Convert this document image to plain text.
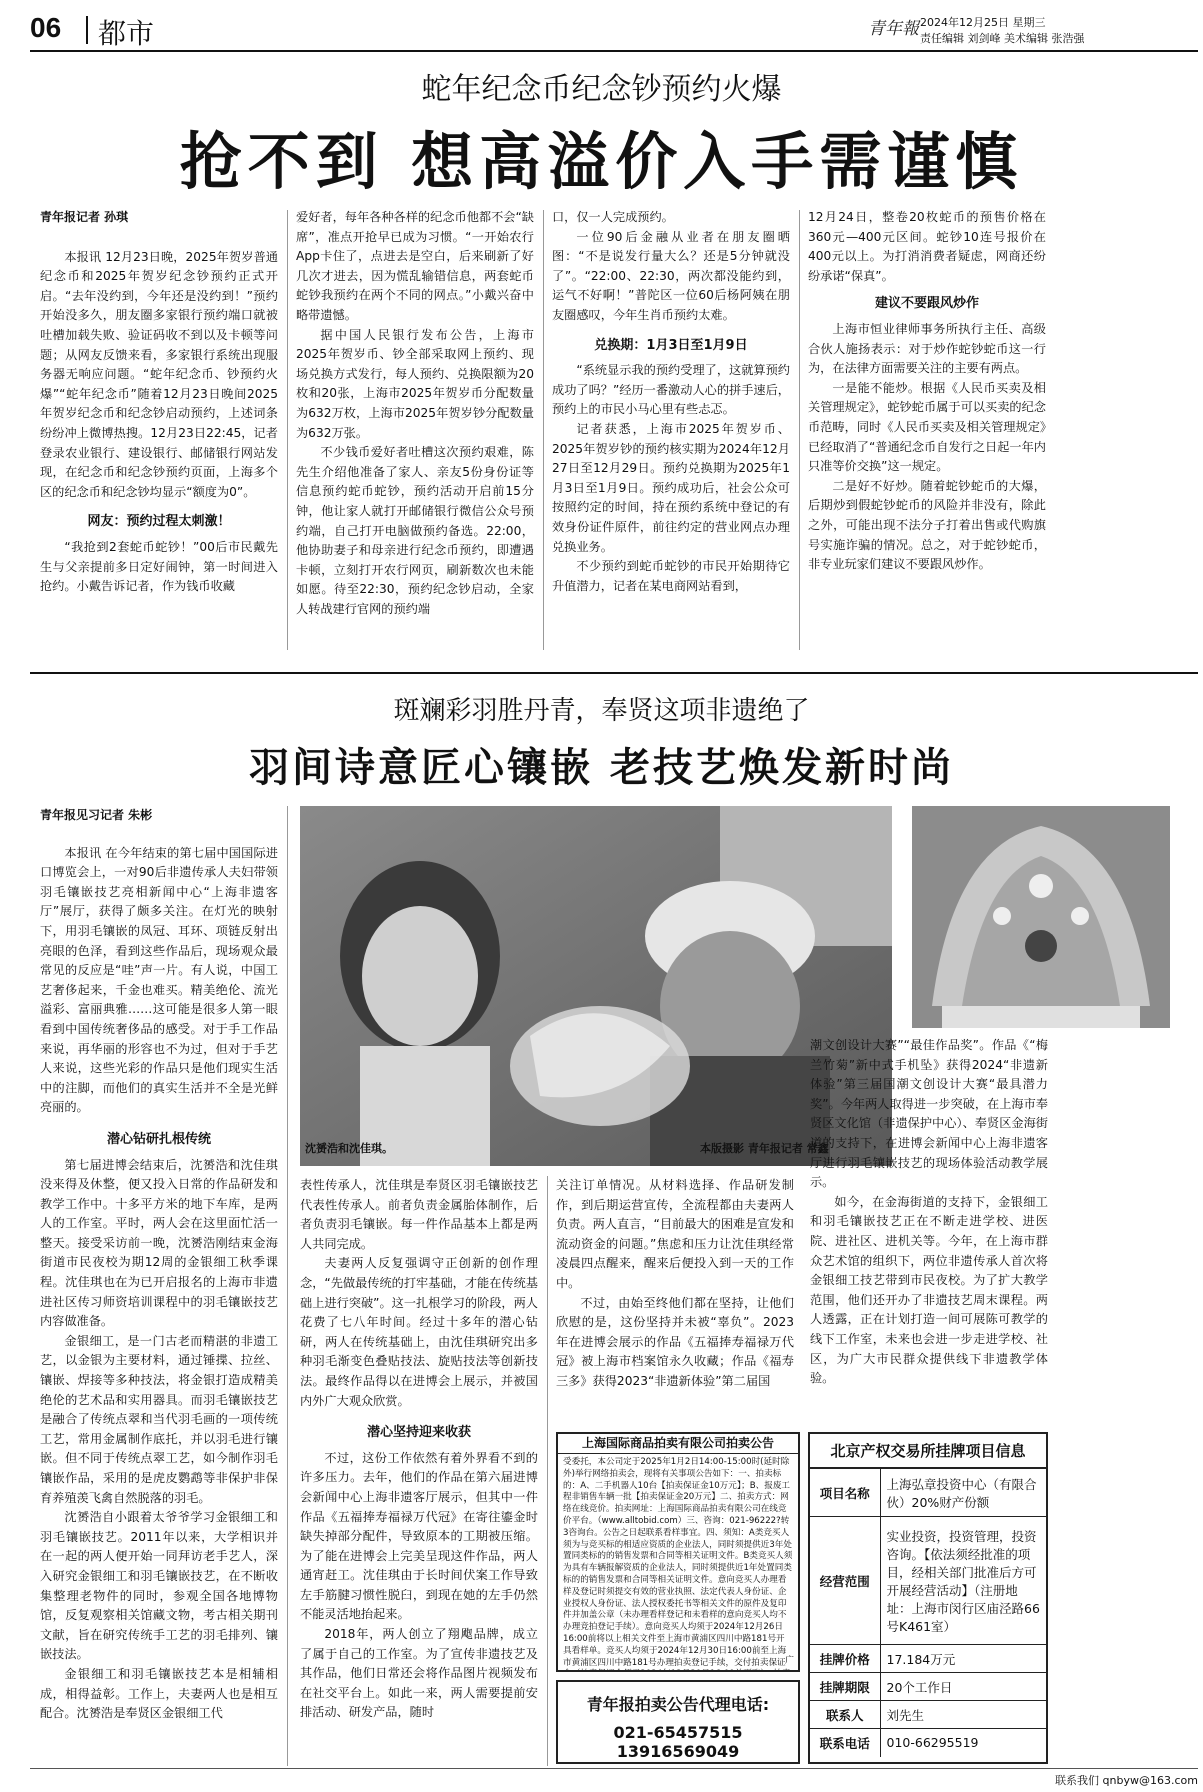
06 都市	青年報 2024年12月25日 星期三
责任编辑 刘剑峰 美术编辑 张浩强
蛇年纪念币纪念钞预约火爆
抢不到 想高溢价入手需谨慎
青年报记者 孙琪

本报讯 12月23日晚，2025年贺岁普通纪念币和2025年贺岁纪念钞预约正式开启。“去年没约到，今年还是没约到！”预约开始没多久，朋友圈多家银行预约端口就被吐槽加载失败、验证码收不到以及卡顿等问题；从网友反馈来看，多家银行系统出现服务器无响应问题。“蛇年纪念币、钞预约火爆”“蛇年纪念币”随着12月23日晚间2025年贺岁纪念币和纪念钞启动预约，上述词条纷纷冲上微博热搜。12月23日22:45，记者登录农业银行、建设银行、邮储银行网站发现，在纪念币和纪念钞预约页面，上海多个区的纪念币和纪念钞均显示“额度为0”。

网友：预约过程太刺激！

“我抢到2套蛇币蛇钞！”00后市民戴先生与父亲提前多日定好闹钟，第一时间进入抢约。小戴告诉记者，作为钱币收藏

爱好者，每年各种各样的纪念币他都不会“缺席”，准点开抢早已成为习惯。“一开始农行App卡住了，点进去是空白，后来刷新了好几次才进去，因为慌乱输错信息，两套蛇币蛇钞我预约在两个不同的网点。”小戴兴奋中略带遗憾。

据中国人民银行发布公告，上海市2025年贺岁币、钞全部采取网上预约、现场兑换方式发行，每人预约、兑换限额为20枚和20张，上海市2025年贺岁币分配数量为632万枚，上海市2025年贺岁钞分配数量为632万张。

不少钱币爱好者吐槽这次预约艰难，陈先生介绍他准备了家人、亲友5份身份证等信息预约蛇币蛇钞，预约活动开启前15分钟，他让家人就打开邮储银行微信公众号预约端，自己打开电脑做预约备选。22:00，他协助妻子和母亲进行纪念币预约，即遭遇卡顿，立刻打开农行网页，刷新数次也未能如愿。待至22:30，预约纪念钞启动，全家人转战建行官网的预约端

口，仅一人完成预约。

一位90后金融从业者在朋友圈晒图：“不是说发行量大么？还是5分钟就没了”。“22:00、22:30，两次都没能约到，运气不好啊！”普陀区一位60后杨阿姨在朋友圈感叹，今年生肖币预约太难。

兑换期：1月3日至1月9日

“系统显示我的预约受理了，这就算预约成功了吗？”经历一番激动人心的拼手速后，预约上的市民小马心里有些忐忑。

记者获悉，上海市2025年贺岁币、2025年贺岁钞的预约核实期为2024年12月27日至12月29日。预约兑换期为2025年1月3日至1月9日。预约成功后，社会公众可按照约定的时间，持在预约系统中登记的有效身份证件原件，前往约定的营业网点办理兑换业务。

不少预约到蛇币蛇钞的市民开始期待它升值潜力，记者在某电商网站看到，

12月24日，整卷20枚蛇币的预售价格在360元—400元区间。蛇钞10连号报价在400元以上。为打消消费者疑虑，网商还纷纷承诺“保真”。

建议不要跟风炒作

上海市恒业律师事务所执行主任、高级合伙人施扬表示：对于炒作蛇钞蛇币这一行为，在法律方面需要关注的主要有两点。

一是能不能炒。根据《人民币买卖及相关管理规定》，蛇钞蛇币属于可以买卖的纪念币范畴，同时《人民币买卖及相关管理规定》已经取消了“普通纪念币自发行之日起一年内只准等价交换”这一规定。

二是好不好炒。随着蛇钞蛇币的大爆，后期炒到假蛇钞蛇币的风险并非没有，除此之外，可能出现不法分子打着出售或代购旗号实施诈骗的情况。总之，对于蛇钞蛇币，非专业玩家们建议不要跟风炒作。

斑斓彩羽胜丹青，奉贤这项非遗绝了
羽间诗意匠心镶嵌 老技艺焕发新时尚
青年报见习记者 朱彬

本报讯 在今年结束的第七届中国国际进口博览会上，一对90后非遗传承人夫妇带领羽毛镶嵌技艺亮相新闻中心“上海非遗客厅”展厅，获得了颇多关注。在灯光的映射下，用羽毛镶嵌的凤冠、耳环、项链反射出亮眼的色泽，看到这些作品后，现场观众最常见的反应是“哇”声一片。有人说，中国工艺奢侈起来，千金也难买。精美绝伦、流光溢彩、富丽典雅……这可能是很多人第一眼看到中国传统奢侈品的感受。对于手工作品来说，再华丽的形容也不为过，但对于手艺人来说，这些光彩的作品只是他们现实生活中的注脚，而他们的真实生活并不全是光鲜亮丽的。

潜心钻研扎根传统

第七届进博会结束后，沈赟浩和沈佳琪没来得及休整，便又投入日常的作品研发和教学工作中。十多平方米的地下车库，是两人的工作室。平时，两人会在这里面忙活一整天。接受采访前一晚，沈赟浩刚结束金海街道市民夜校为期12周的金银细工秋季课程。沈佳琪也在为已开启报名的上海市非遗进社区传习师资培训课程中的羽毛镶嵌技艺内容做准备。

金银细工，是一门古老而精湛的非遗工艺，以金银为主要材料，通过锤揲、拉丝、镶嵌、焊接等多种技法，将金银打造成精美绝伦的艺术品和实用器具。而羽毛镶嵌技艺是融合了传统点翠和当代羽毛画的一项传统工艺，常用金属制作底托，并以羽毛进行镶嵌。但不同于传统点翠工艺，如今制作羽毛镶嵌作品，采用的是虎皮鹦鹉等非保护非保育养殖羡飞禽自然脱落的羽毛。

沈赟浩自小跟着太爷爷学习金银细工和羽毛镶嵌技艺。2011年以来，大学相识并在一起的两人便开始一同拜访老手艺人，深入研究金银细工和羽毛镶嵌技艺，在不断收集整理老物件的同时，参观全国各地博物馆，反复观察相关馆藏文物，考古相关期刊文献，旨在研究传统手工艺的羽毛排列、镶嵌技法。

金银细工和羽毛镶嵌技艺本是相辅相成，相得益彰。工作上，夫妻两人也是相互配合。沈赟浩是奉贤区金银细工代

沈赟浩和沈佳琪。	本版摄影 青年报记者 常鑫

表性传承人，沈佳琪是奉贤区羽毛镶嵌技艺代表性传承人。前者负责金属胎体制作，后者负责羽毛镶嵌。每一件作品基本上都是两人共同完成。

夫妻两人反复强调守正创新的创作理念，“先做最传统的打牢基础，才能在传统基础上进行突破”。这一扎根学习的阶段，两人花费了七八年时间。经过十多年的潜心钻研，两人在传统基础上，由沈佳琪研究出多种羽毛渐变色叠贴技法、旋贴技法等创新技法。最终作品得以在进博会上展示，并被国内外广大观众欣赏。

潜心坚持迎来收获

不过，这份工作依然有着外界看不到的许多压力。去年，他们的作品在第六届进博会新闻中心上海非遗客厅展示，但其中一件作品《五福捧寿福禄万代冠》在寄往鎏金时缺失掉部分配件，导致原本的工期被压缩。为了能在进博会上完美呈现这件作品，两人通宵赶工。沈佳琪由于长时间伏案工作导致左手筋腱习惯性脱臼，到现在她的左手仍然不能灵活地抬起来。

2018年，两人创立了翔飑品牌，成立了属于自己的工作室。为了宣传非遗技艺及其作品，他们日常还会将作品图片视频发布在社交平台上。如此一来，两人需要提前安排活动、研发产品，随时

关注订单情况。从材料选择、作品研发制作，到后期运营宣传，全流程都由夫妻两人负责。两人直言，“目前最大的困难是宣发和流动资金的问题。”焦虑和压力让沈佳琪经常凌晨四点醒来，醒来后便投入到一天的工作中。

不过，由始至终他们都在坚持，让他们欣慰的是，这份坚持并未被“辜负”。2023年在进博会展示的作品《五福捧寿福禄万代冠》被上海市档案馆永久收藏；作品《福寿三多》获得2023“非遗新体验”第二届国

上海国际商品拍卖有限公司拍卖公告
受委托，本公司定于2025年1月2日14:00-15:00时(延时除外)举行网络拍卖会，现将有关事项公告如下：一、拍卖标的：A、二手机器人10台【拍卖保证金10万元】；B、报废工程非销售车辆一批【拍卖保证金20万元】二、拍卖方式：网络在线竞价。拍卖网址：上海国际商品拍卖有限公司在线竞价平台。（www.alltobid.com）三、咨询：021-96222?转3咨询台。公告之日起联系看样事宜。四、须知：A类竞买人须为与竞买标的相适应资质的企业法人，同时须提供近3年处置同类标的的销售发票和合同等相关证明文件。B类竞买人须为具有车辆报解资质的企业法人，同时须提供近1年处置同类标的的销售发票和合同等相关证明文件。意向竞买人办理看样及登记时须提交有效的营业执照、法定代表人身份证、企业授权人身份证、法人授权委托书等相关文件的原件及复印件并加盖公章（未办理看样登记和未看样的意向竞买人均不办理竞拍登记手续）。意向竞买人均须于2024年12月26日16:00前将以上相关文件至上海市黄浦区四川中路181号开具看样单。竞买人均须于2024年12月30日16:00前至上海市黄浦区四川中路181号办理拍卖登记手续，交付拍卖保证 广
青年报拍卖公告代理电话:
021-65457515 13916569049

潮文创设计大赛”“最佳作品奖”。作品《“梅兰竹菊”新中式手机坠》获得2024“非遗新体验”第三届国潮文创设计大赛“最具潜力奖”。今年两人取得进一步突破，在上海市奉贤区文化馆（非遗保护中心）、奉贤区金海街道的支持下，在进博会新闻中心上海非遗客厅进行羽毛镶嵌技艺的现场体验活动教学展示。

如今，在金海街道的支持下，金银细工和羽毛镶嵌技艺正在不断走进学校、进医院、进社区、进机关等。今年，在上海市群众艺术馆的组织下，两位非遗传承人首次将金银细工技艺带到市民夜校。为了扩大教学范围，他们还开办了非遗技艺周末课程。两人透露，正在计划打造一间可展陈可教学的线下工作室，未来也会进一步走进学校、社区，为广大市民群众提供线下非遗教学体验。

北京产权交易所挂牌项目信息
项目名称	上海弘章投资中心（有限合伙）20%财产份额
经营范围	实业投资，投资管理，投资咨询。【依法须经批准的项目，经相关部门批准后方可开展经营活动】（注册地址：上海市闵行区庙泾路66号K461室）
挂牌价格	17.184万元
挂牌期限	20个工作日
联系人	刘先生
联系电话	010-66295519
联系我们 qnbyw@163.com
